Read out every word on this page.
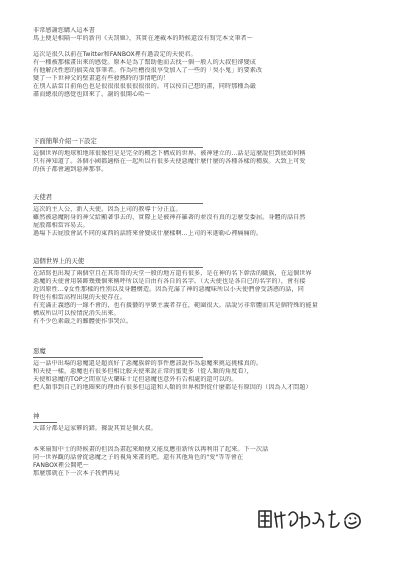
非常感謝您購入這本書
馬上便是相隔一年的新刊《天罰姬》，其實在連載本的時候還沒有寫完本文筆者～

這次是很久以前在Twitter和FANBOX裡有過設定的天使君。
有一種被那樣畫出來的感覺。原本是為了幫助他而去找一個一般人的大叔但卻變成
有他解決性慾的搞笑故事筆者。作為吐槽役很享受加入了一些的「臭小鬼」的要素改
變了一下世神父的壁畫還有些發熱時的事情吧的！
在別人話當目前角色也是很很很很很很很很的。可以按自己想的畫，同時那種為嚴
肅而總很的感覺也回來了。謝的很開心哈～
下面簡單介紹一下設定
這個世界的地球和地球很像但是是完全的概念下構成的世界。被神建立的…話是這麼說但到底如何稱
只有神知道了。各個小國都適格在一起所以有很多天使惡魔什麼什麼的各種各樣的種族。大致上可愛
的孩子都會適到惡神那事。
天使君
這次的主人公，新人天使。因為上司的教導十分正直。
雖然被惡魔附身的神父給顯著事去的，實際上是被神祥羅著的並沒有真的怎麼受委屈。身體的話自然
屁股都相當容易去。
過場下去屁股會試不同的東西的話將來會變成什麼樣啊…上司的米迦勒心裡痛痛的。
這個世界上的天使
在結寫也出現了兩個堂且在其哥哥的天堂一般的地方還有很多，是在神的名下幹活的職族，在這個世界
惡魔的天使會用裝飾幾幾個來稱呼所以是自由有各自的名字。（大天使也是各自已的名字的），會有接
近因原性…♀女性那樣的性別以及身體構造。因為充滿了神的惡魔味所以小天使們會受誘惑的話，同
時也有相當高程出現的天使存在。
有充滿正義感的一緣不會的，也有援藝的享樂主義者存在，範圍很大。話說另非常體而其是個特殊的能量
構成所以可以按情況消失出來。
有不少色素嚴乏的難體使作事哭泣。
惡魔
這一話中出場的惡魔還是超真好了惡魔族幹的事件應該說作為惡魔來挑這挑樣真的。
和天使一樣，惡魔也有很多但相比較天使來說正常的蜜更多（從人類的角度看），
天使和惡魔的TOP之間重是火藥味十足但惡魔也意外有告相處的還可以的。
把人類事到自己的地圈來的理由有很多但這還和人類的世界相對從什麼都是有原因的（因為人才問題）
神
大部分都是這家夥的錯。據說其實是個大叔。
本來扇寫中士的時候畫的但因為畫起來順便又能反應重新所以再利用了起來。下一次話
同一世界觀的話會從惡魔之子的視角來畫的吧。還有其他角色的"愛"等等會在
FANBOX裡公開吧～
那麼那就在下一次本子我們再見
